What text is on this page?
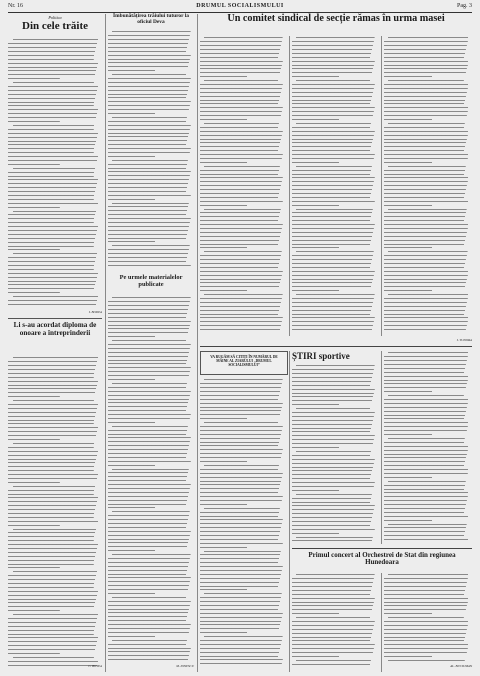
Nr. 16	DRUMUL SOCIALISMULUI	Pag. 3
Politica
Din cele trăite
I. BODEA
Li s-au acordat diploma de onoare a întreprinderii
C. BOTEA
Îmbunătățirea trăiului tuturor la oficiul Deva
Pe urmele materialelor publicate
M. IONESCU
Un comitet sindical de secție rămas în urma masei
I. TUDORA
VA RUGĂM SĂ CITIȚI ÎN NUMĂRUL DE MÂINE AL ZIARULUI „DRUMUL SOCIALISMULUI”
ȘTIRI sportive
Primul concert al Orchestrei de Stat din regiunea Hunedoara
AL. BUCIUMAN
